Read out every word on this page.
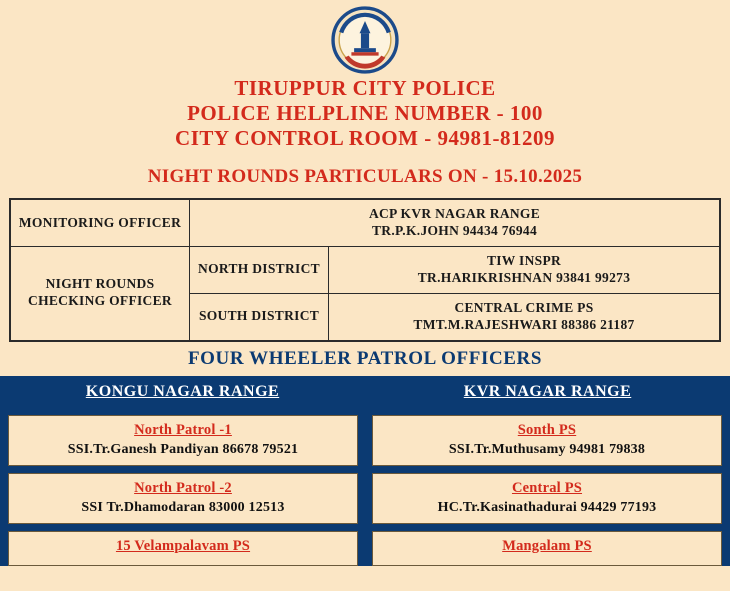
TIRUPPUR CITY POLICE
POLICE HELPLINE NUMBER - 100
CITY CONTROL ROOM - 94981-81209
NIGHT ROUNDS PARTICULARS ON - 15.10.2025
MONITORING OFFICER	ACP KVR NAGAR RANGE
TR.P.K.JOHN 94434 76944	

NIGHT ROUNDS CHECKING OFFICER	NORTH DISTRICT	TIW INSPR
TR.HARIKRISHNAN 93841 99273

	SOUTH DISTRICT	CENTRAL CRIME PS
TMT.M.RAJESHWARI 88386 21187
FOUR WHEELER PATROL OFFICERS
KONGU NAGAR RANGE	KVR NAGAR RANGE
North Patrol -1
SSI.Tr.Ganesh Pandiyan 86678 79521
Sonth PS
SSI.Tr.Muthusamy 94981 79838
North Patrol -2
SSI Tr.Dhamodaran 83000 12513
Central PS
HC.Tr.Kasinathadurai 94429 77193
15 Velampalavam PS	Mangalam PS
